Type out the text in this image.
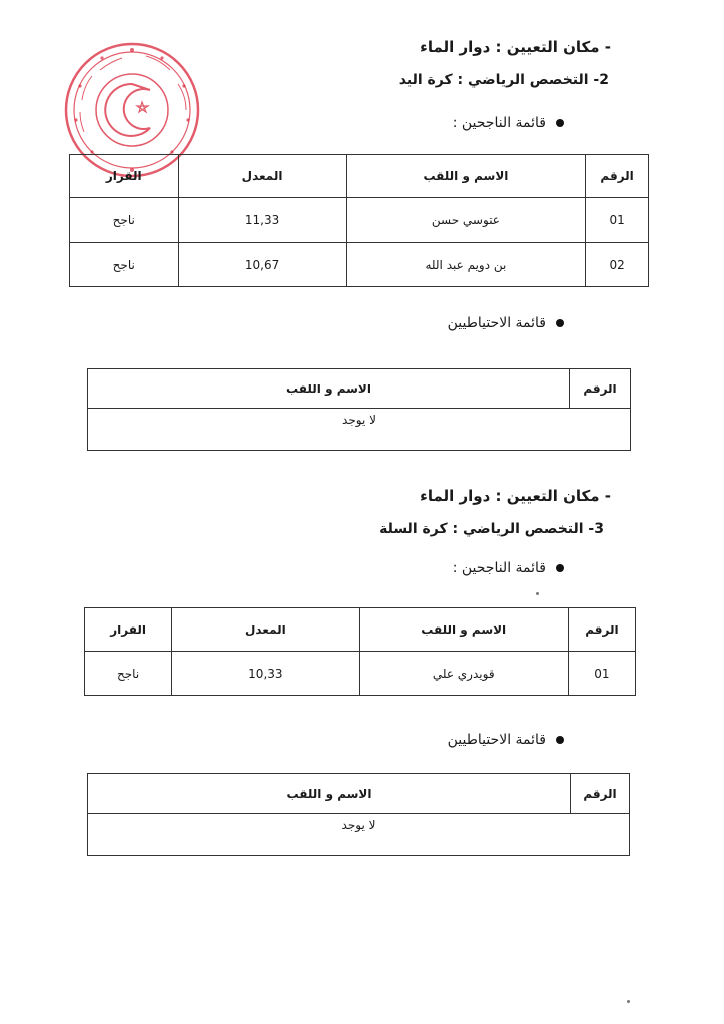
- مكان التعيين : دوار الماء
2- التخصص الرياضي : كرة اليد
قائمة الناجحين :
الرقم	الاسم و اللقب	المعدل	القرار
01	عتوسي حسن	11,33	ناجح
02	بن دويم عبد الله	10,67	ناجح
قائمة الاحتياطيين
الرقم	الاسم و اللقب
لا يوجد
- مكان التعيين : دوار الماء
3- التخصص الرياضي : كرة السلة
قائمة الناجحين :
الرقم	الاسم و اللقب	المعدل	القرار
01	قويدري علي	10,33	ناجح
قائمة الاحتياطيين
الرقم	الاسم و اللقب
لا يوجد
